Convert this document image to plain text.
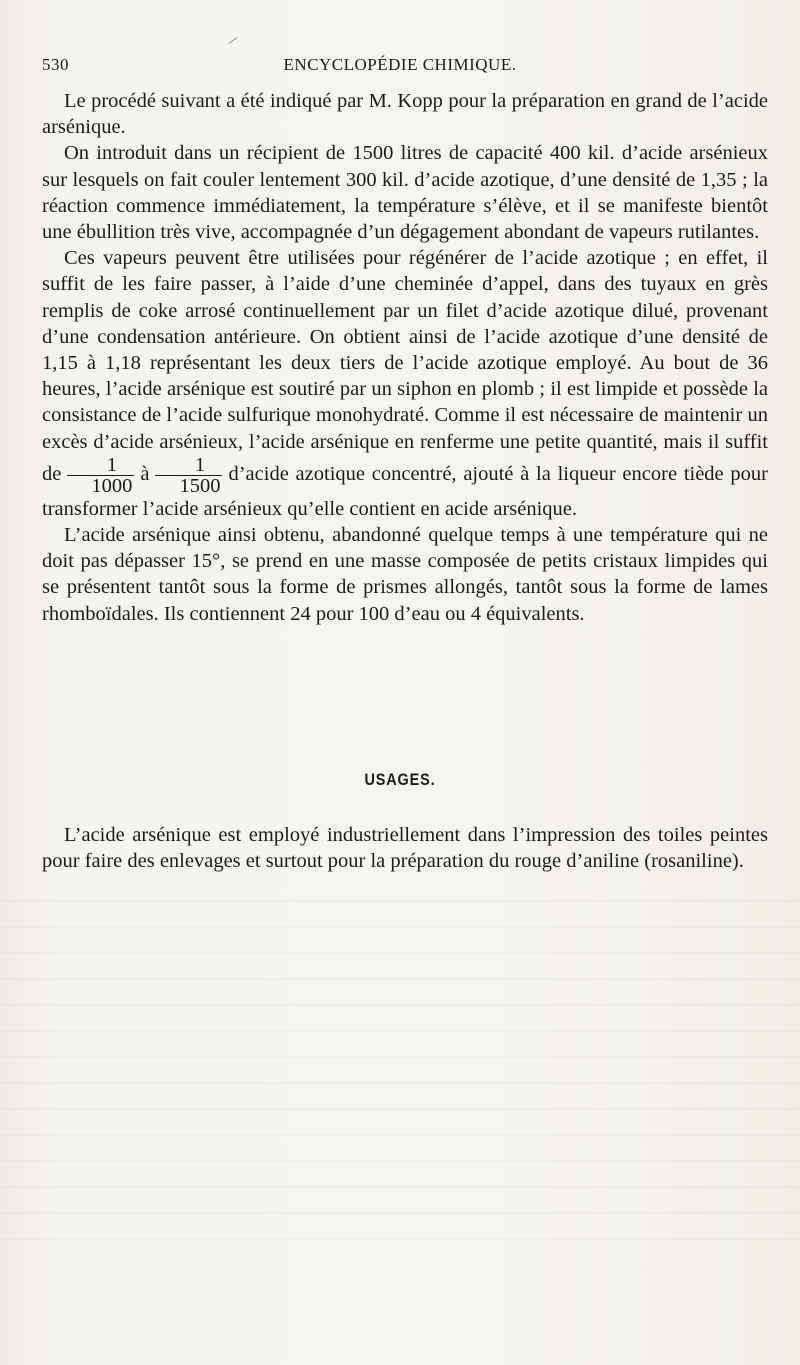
530	ENCYCLOPÉDIE CHIMIQUE.

Le procédé suivant a été indiqué par M. Kopp pour la préparation en grand de l’acide arsénique.

On introduit dans un récipient de 1500 litres de capacité 400 kil. d’acide arsénieux sur lesquels on fait couler lentement 300 kil. d’acide azotique, d’une densité de 1,35 ; la réaction commence immédiatement, la température s’élève, et il se manifeste bientôt une ébullition très vive, accompagnée d’un dégagement abondant de vapeurs rutilantes.

Ces vapeurs peuvent être utilisées pour régénérer de l’acide azotique ; en effet, il suffit de les faire passer, à l’aide d’une cheminée d’appel, dans des tuyaux en grès remplis de coke arrosé continuellement par un filet d’acide azotique dilué, provenant d’une condensation antérieure. On obtient ainsi de l’acide azotique d’une densité de 1,15 à 1,18 représentant les deux tiers de l’acide azotique employé. Au bout de 36 heures, l’acide arsénique est soutiré par un siphon en plomb ; il est limpide et possède la consistance de l’acide sulfurique monohydraté. Comme il est nécessaire de maintenir un excès d’acide arsénieux, l’acide arsénique en renferme une petite quantité, mais il suffit de $\frac{1}{1000}$ à $\frac{1}{1500}$ d’acide azotique concentré, ajouté à la liqueur encore tiède pour transformer l’acide arsénieux qu’elle contient en acide arsénique.

L’acide arsénique ainsi obtenu, abandonné quelque temps à une température qui ne doit pas dépasser 15°, se prend en une masse composée de petits cristaux limpides qui se présentent tantôt sous la forme de prismes allongés, tantôt sous la forme de lames rhomboïdales. Ils contiennent 24 pour 100 d’eau ou 4 équivalents.

USAGES.

L’acide arsénique est employé industriellement dans l’impression des toiles peintes pour faire des enlevages et surtout pour la préparation du rouge d’aniline (rosaniline).
